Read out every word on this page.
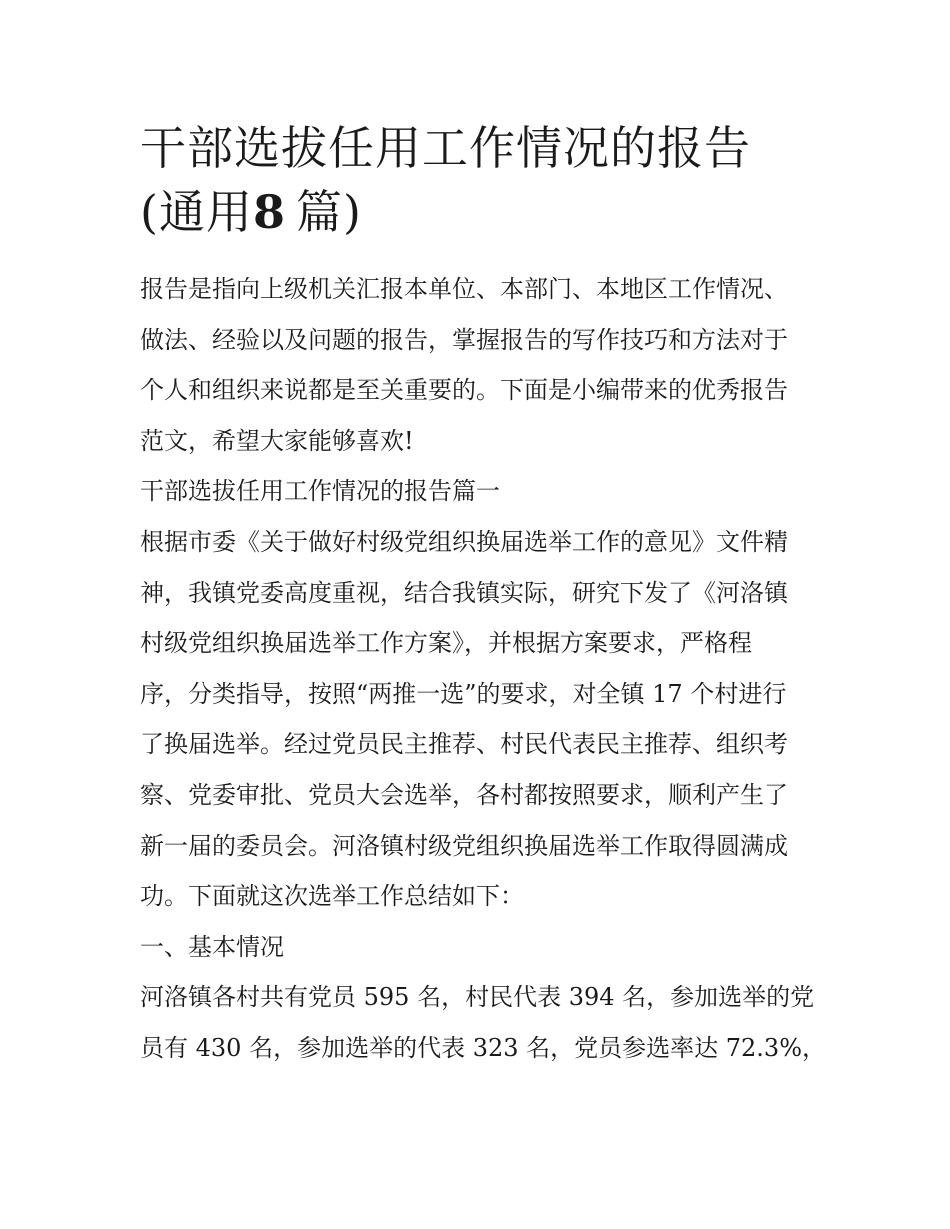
干部选拔任用工作情况的报告
(通用8 篇)

报告是指向上级机关汇报本单位、本部门、本地区工作情况、
做法、经验以及问题的报告，掌握报告的写作技巧和方法对于
个人和组织来说都是至关重要的。下面是小编带来的优秀报告
范文，希望大家能够喜欢!

干部选拔任用工作情况的报告篇一

根据市委《关于做好村级党组织换届选举工作的意见》文件精
神，我镇党委高度重视，结合我镇实际，研究下发了《河洛镇
村级党组织换届选举工作方案》，并根据方案要求，严格程
序，分类指导，按照“两推一选”的要求，对全镇 17 个村进行
了换届选举。经过党员民主推荐、村民代表民主推荐、组织考
察、党委审批、党员大会选举，各村都按照要求，顺利产生了
新一届的委员会。河洛镇村级党组织换届选举工作取得圆满成
功。下面就这次选举工作总结如下：

一、基本情况

河洛镇各村共有党员 595 名，村民代表 394 名，参加选举的党
员有 430 名，参加选举的代表 323 名，党员参选率达 72.3%，
